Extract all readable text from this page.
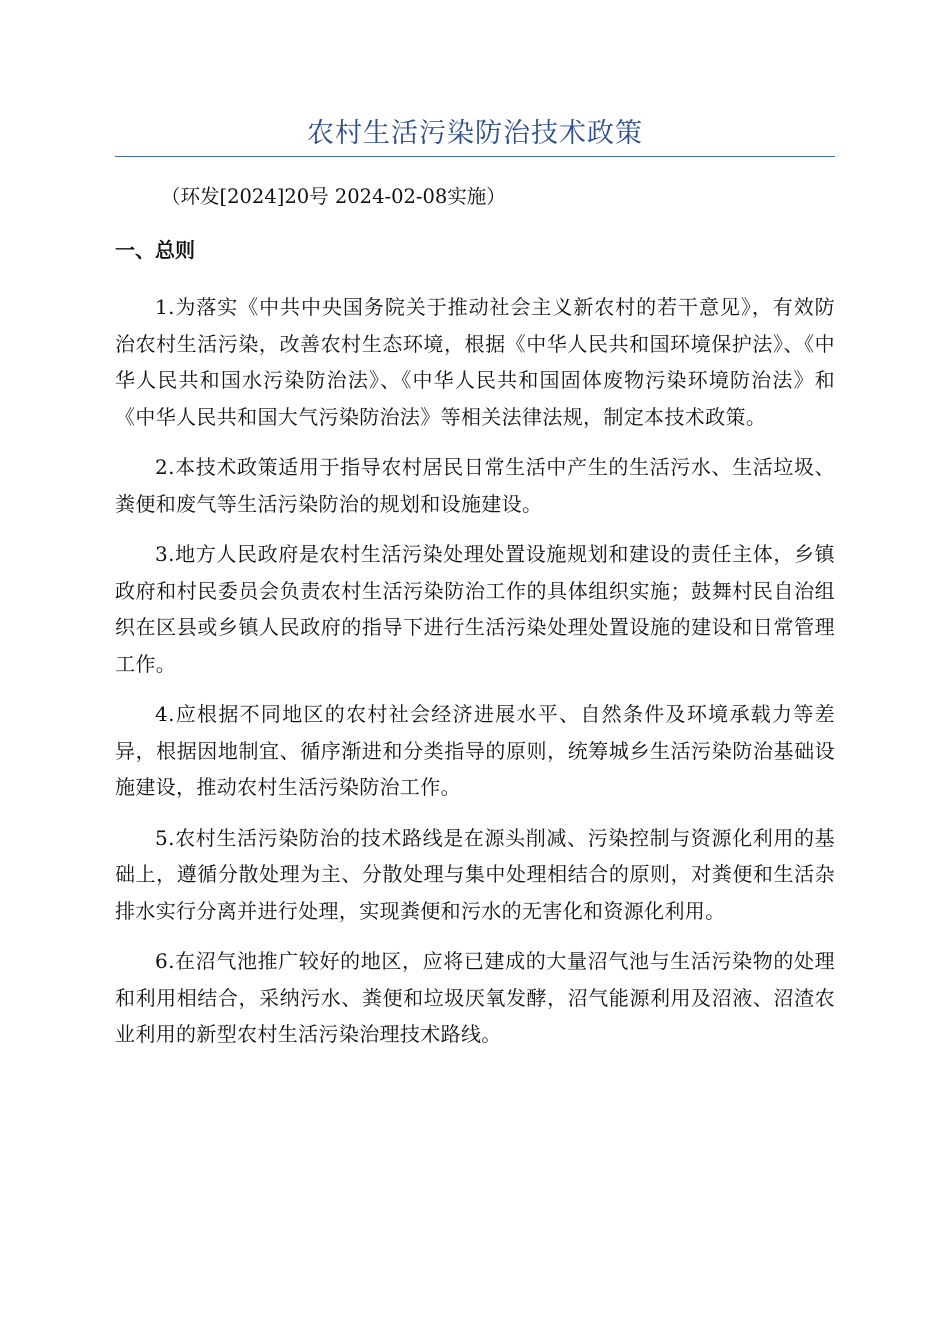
农村生活污染防治技术政策
（环发[2024]20号 2024-02-08实施）
一、总则

1.为落实《中共中央国务院关于推动社会主义新农村的若干意见》，有效防治农村生活污染，改善农村生态环境，根据《中华人民共和国环境保护法》、《中华人民共和国水污染防治法》、《中华人民共和国固体废物污染环境防治法》和《中华人民共和国大气污染防治法》等相关法律法规，制定本技术政策。

2.本技术政策适用于指导农村居民日常生活中产生的生活污水、生活垃圾、粪便和废气等生活污染防治的规划和设施建设。

3.地方人民政府是农村生活污染处理处置设施规划和建设的责任主体，乡镇政府和村民委员会负责农村生活污染防治工作的具体组织实施；鼓舞村民自治组织在区县或乡镇人民政府的指导下进行生活污染处理处置设施的建设和日常管理工作。

4.应根据不同地区的农村社会经济进展水平、自然条件及环境承载力等差异，根据因地制宜、循序渐进和分类指导的原则，统筹城乡生活污染防治基础设施建设，推动农村生活污染防治工作。

5.农村生活污染防治的技术路线是在源头削减、污染控制与资源化利用的基础上，遵循分散处理为主、分散处理与集中处理相结合的原则，对粪便和生活杂排水实行分离并进行处理，实现粪便和污水的无害化和资源化利用。

6.在沼气池推广较好的地区，应将已建成的大量沼气池与生活污染物的处理和利用相结合，采纳污水、粪便和垃圾厌氧发酵，沼气能源利用及沼液、沼渣农业利用的新型农村生活污染治理技术路线。
